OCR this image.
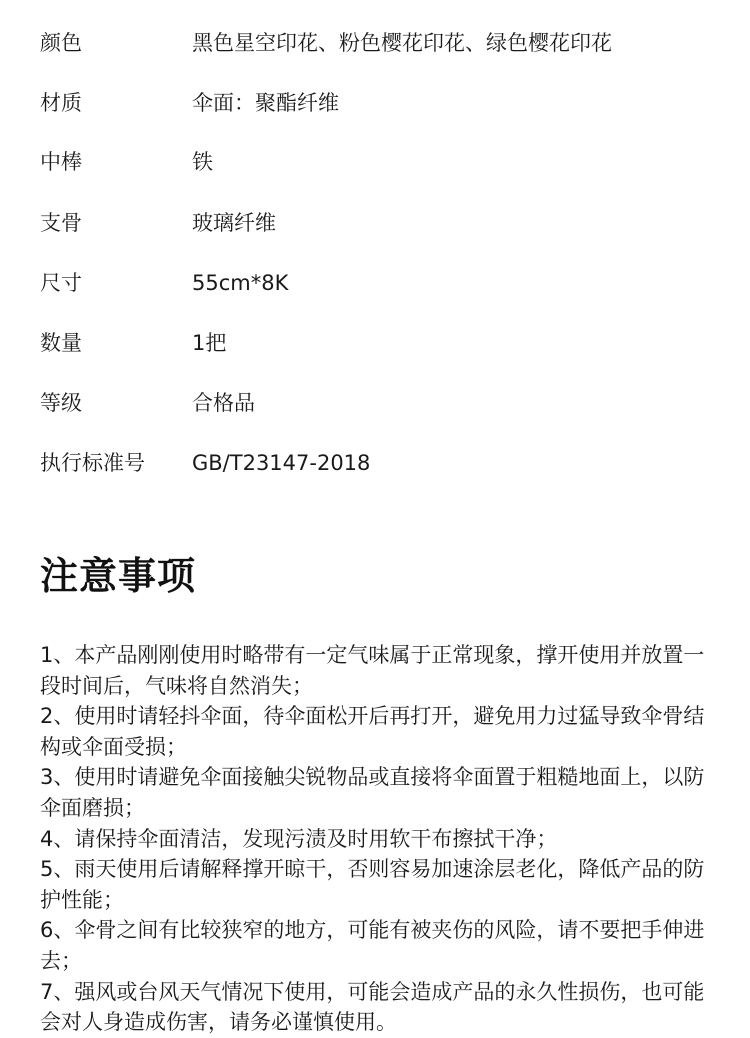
颜色	黑色星空印花、粉色樱花印花、绿色樱花印花
材质	伞面：聚酯纤维
中棒	铁
支骨	玻璃纤维
尺寸	55cm*8K
数量	1把
等级	合格品
执行标准号 GB/T23147-2018
注意事项
1、本产品刚刚使用时略带有一定气味属于正常现象，撑开使用并放置一段时间后，气味将自然消失；
2、使用时请轻抖伞面，待伞面松开后再打开，避免用力过猛导致伞骨结构或伞面受损；
3、使用时请避免伞面接触尖锐物品或直接将伞面置于粗糙地面上，以防伞面磨损；
4、请保持伞面清洁，发现污渍及时用软干布擦拭干净；
5、雨天使用后请解释撑开晾干，否则容易加速涂层老化，降低产品的防护性能；
6、伞骨之间有比较狭窄的地方，可能有被夹伤的风险，请不要把手伸进去；
7、强风或台风天气情况下使用，可能会造成产品的永久性损伤，也可能会对人身造成伤害，请务必谨慎使用。
